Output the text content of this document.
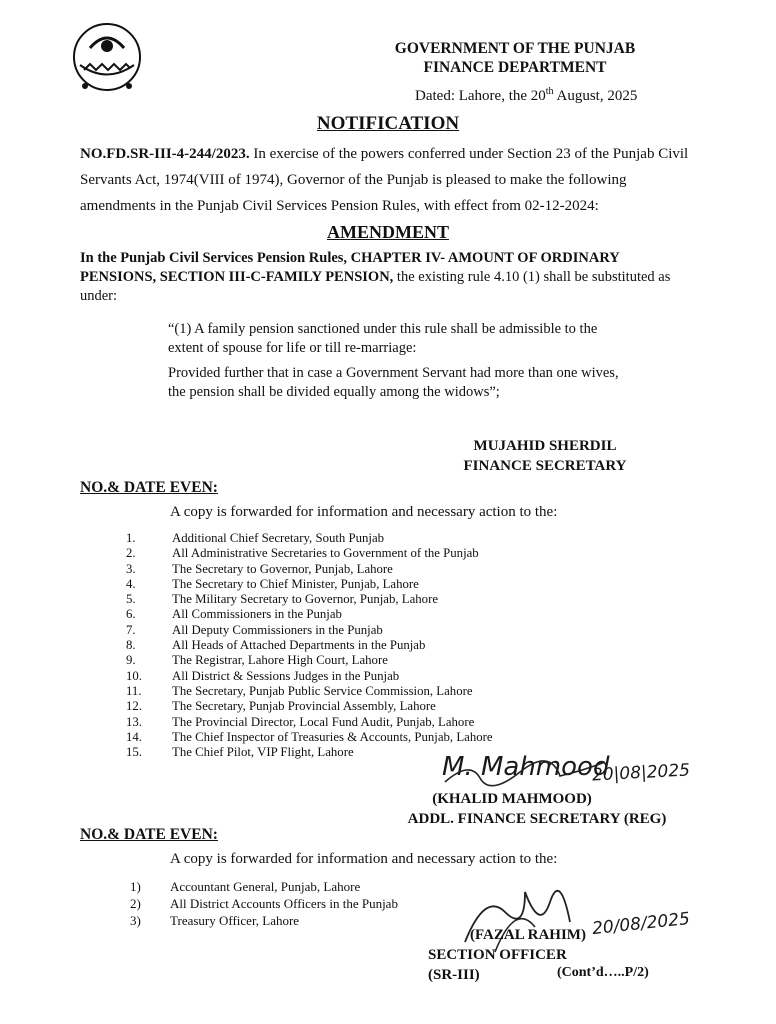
GOVERNMENT OF THE PUNJAB
FINANCE DEPARTMENT
Dated: Lahore, the 20th August, 2025
NOTIFICATION
NO.FD.SR-III-4-244/2023. In exercise of the powers conferred under Section 23 of the Punjab Civil Servants Act, 1974(VIII of 1974), Governor of the Punjab is pleased to make the following amendments in the Punjab Civil Services Pension Rules, with effect from 02-12-2024:
AMENDMENT
In the Punjab Civil Services Pension Rules, CHAPTER IV- AMOUNT OF ORDINARY PENSIONS, SECTION III-C-FAMILY PENSION, the existing rule 4.10 (1) shall be substituted as under:
“(1) A family pension sanctioned under this rule shall be admissible to the extent of spouse for life or till re-marriage:
Provided further that in case a Government Servant had more than one wives, the pension shall be divided equally among the widows”;
MUJAHID SHERDIL
FINANCE SECRETARY
NO.& DATE EVEN:
A copy is forwarded for information and necessary action to the:
1.	Additional Chief Secretary, South Punjab
2.	All Administrative Secretaries to Government of the Punjab
3.	The Secretary to Governor, Punjab, Lahore
4.	The Secretary to Chief Minister, Punjab, Lahore
5.	The Military Secretary to Governor, Punjab, Lahore
6.	All Commissioners in the Punjab
7.	All Deputy Commissioners in the Punjab
8.	All Heads of Attached Departments in the Punjab
9.	The Registrar, Lahore High Court, Lahore
10.	All District & Sessions Judges in the Punjab
11.	The Secretary, Punjab Public Service Commission, Lahore
12.	The Secretary, Punjab Provincial Assembly, Lahore
13.	The Provincial Director, Local Fund Audit, Punjab, Lahore
14.	The Chief Inspector of Treasuries & Accounts, Punjab, Lahore
15.	The Chief Pilot, VIP Flight, Lahore	M. Mahmood
20|08|2025
(KHALID MAHMOOD)
ADDL. FINANCE SECRETARY (REG)
NO.& DATE EVEN:
A copy is forwarded for information and necessary action to the:
1)	Accountant General, Punjab, Lahore
2)	All District Accounts Officers in the Punjab
3)	Treasury Officer, Lahore	20/08/2025
(FAZAL RAHIM)
SECTION OFFICER (SR-III)	(Cont’d…..P/2)
